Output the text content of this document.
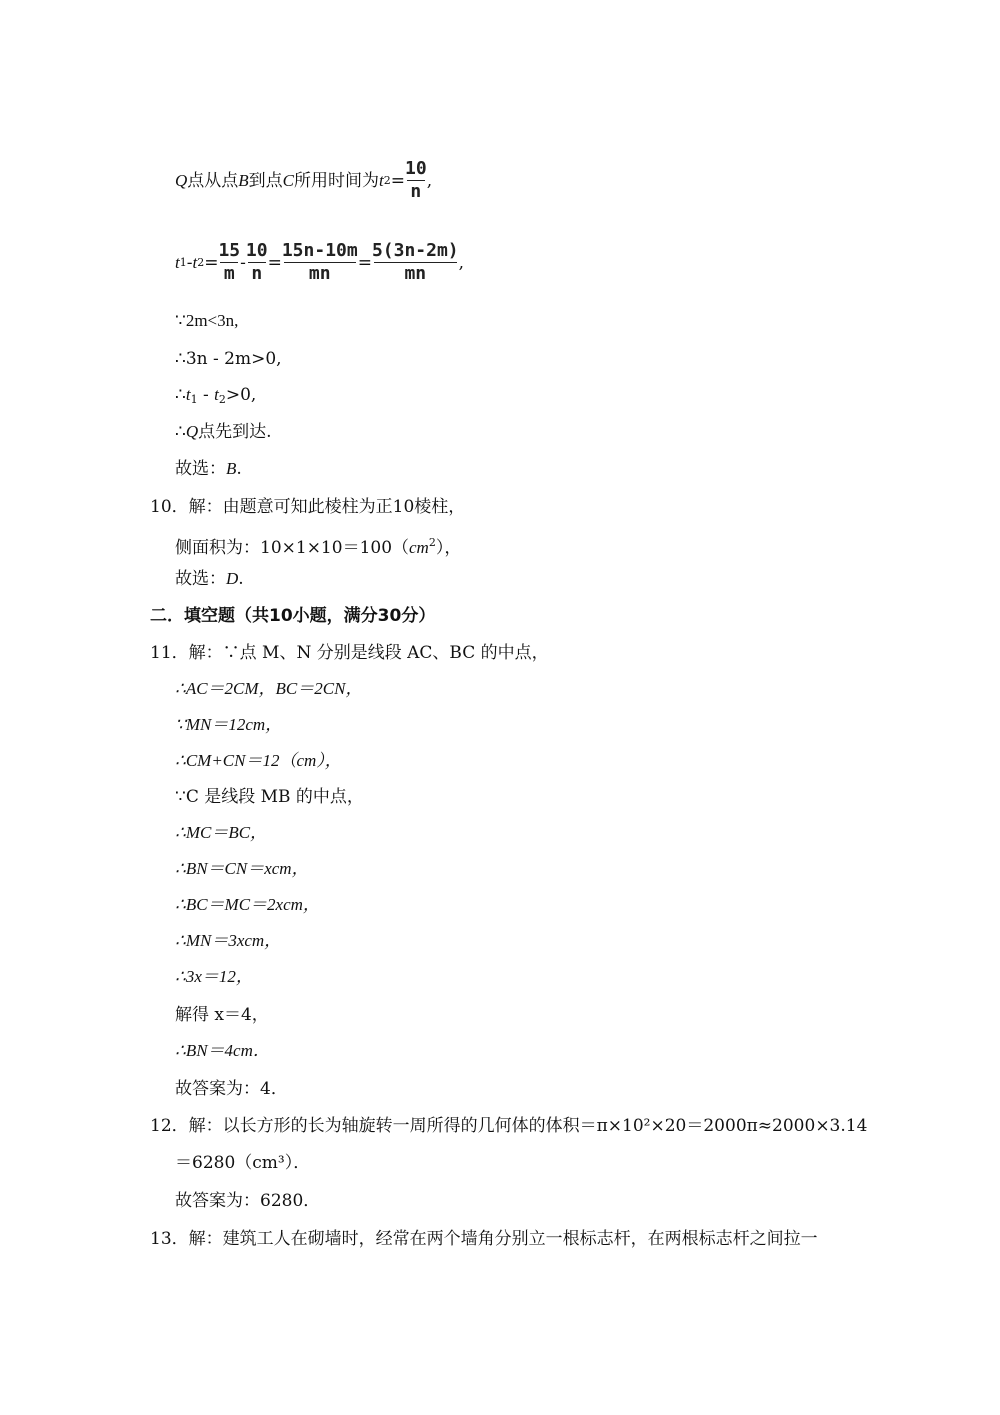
Q 点从点 B 到点 C 所用时间为 t $2 = \frac{10}{n}$ ,
t 1 - t $2 = \frac{15}{m} - \frac{10}{n} = \frac{15n-10m}{mn} = \frac{5(3n-2m)}{mn}$ ,
∵2m<3n,
∴3n - 2m>0,
$\therefore t_1 - t_2>0$,
∴Q点先到达.
故选：B.
10．解：由题意可知此棱柱为正10棱柱，
侧面积为：$10\times 1\times 10=100(cm^2)$，
故选：D.
二．填空题（共10小题，满分30分）
11．解：∵点 M、N 分别是线段 AC、BC 的中点，
∴AC＝2CM，BC＝2CN，
∵MN＝12cm，
∴CM+CN＝12（cm），
∵C 是线段 MB 的中点，
∴MC＝BC，
∴BN＝CN＝xcm，
∴BC＝MC＝2xcm，
∴MN＝3xcm，
∴3x＝12，
解得 x＝4，
∴BN＝4cm．
故答案为：4．
12．解：以长方形的长为轴旋转一周所得的几何体的体积＝π×10²×20＝2000π≈2000×3.14
＝6280（cm³）．
故答案为：6280．
13．解：建筑工人在砌墙时，经常在两个墙角分别立一根标志杆，在两根标志杆之间拉一
